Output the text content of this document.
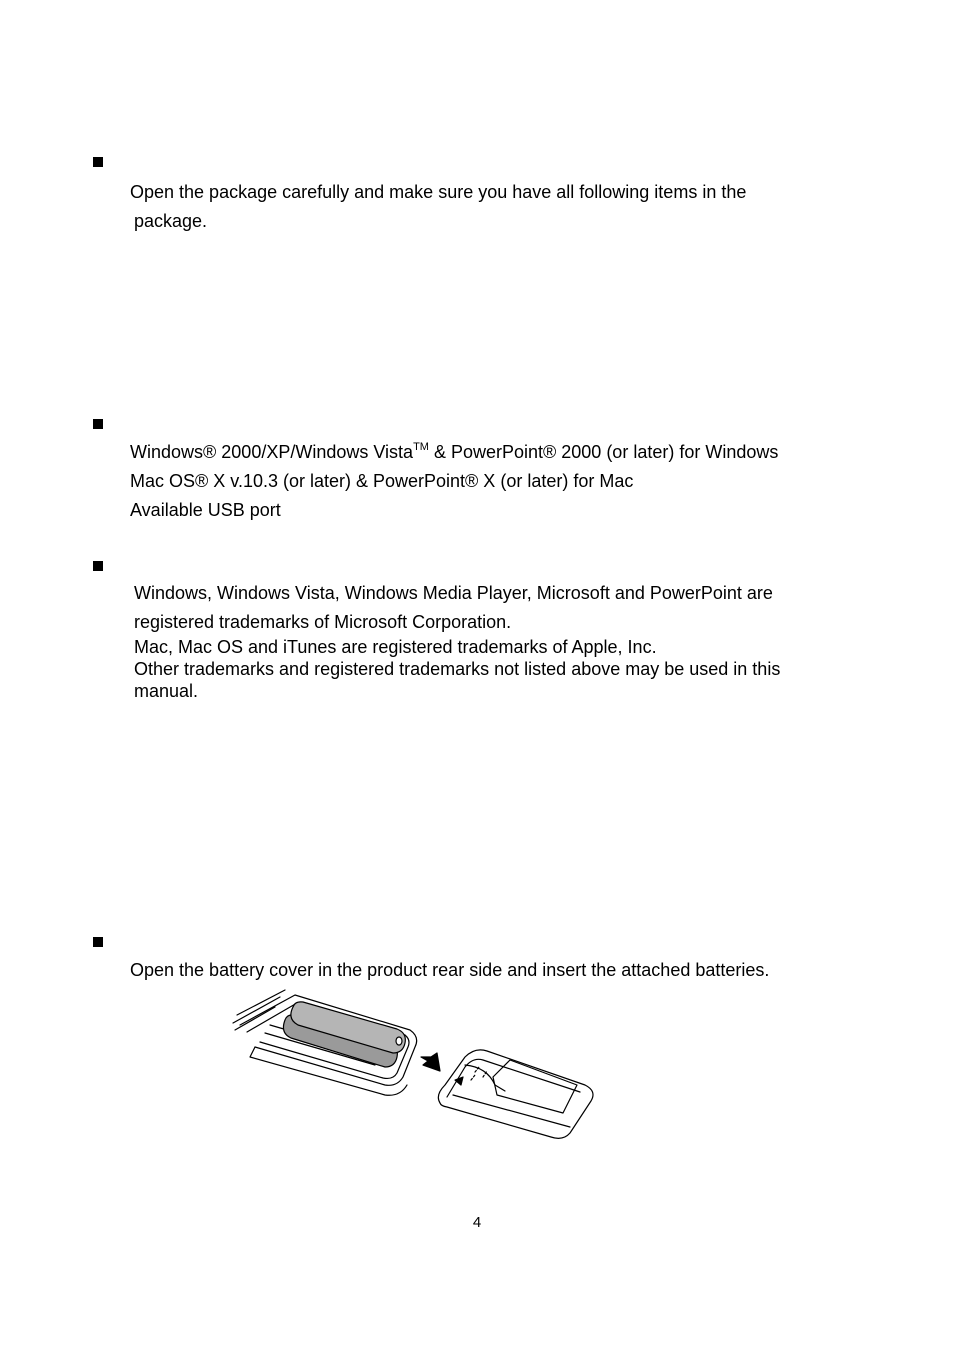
Open the package carefully and make sure you have all following items in the
package.
Windows® 2000/XP/Windows Vista™ & PowerPoint® 2000 (or later) for Windows
Mac OS® X v.10.3 (or later) & PowerPoint® X (or later) for Mac
Available USB port
Windows, Windows Vista, Windows Media Player, Microsoft and PowerPoint are
registered trademarks of Microsoft Corporation.
Mac, Mac OS and iTunes are registered trademarks of Apple, Inc.
Other trademarks and registered trademarks not listed above may be used in this
manual.
Open the battery cover in the product rear side and insert the attached batteries.
4
